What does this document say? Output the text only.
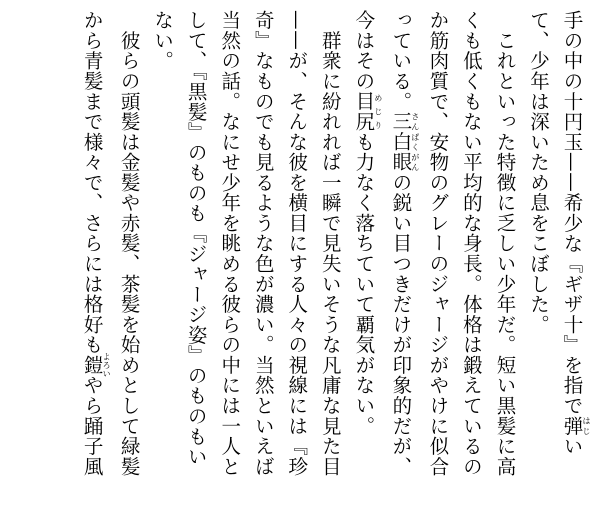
手の中の十円玉——希少な『ギザ十』を指で弾はじい
て、少年は深いため息をこぼした。
　これといった特徴に乏しい少年だ。短い黒髪に高
くも低くもない平均的な身長。体格は鍛えているの
か筋肉質で、安物のグレーのジャージがやけに似合
っている。三白眼さんぱくがんの鋭い目つきだけが印象的だが、
今はその目尻めじりも力なく落ちていて覇気がない。
　群衆に紛れれば一瞬で見失いそうな凡庸な見た目
——が、そんな彼を横目にする人々の視線には『珍
奇』なものでも見るような色が濃い。当然といえば
当然の話。なにせ少年を眺める彼らの中には一人と
して、『黒髪』のものも『ジャージ姿』のものもい
ない。
　彼らの頭髪は金髪や赤髪、茶髪を始めとして緑髪
から青髪まで様々で、さらには格好も鎧よろいやら踊子風
